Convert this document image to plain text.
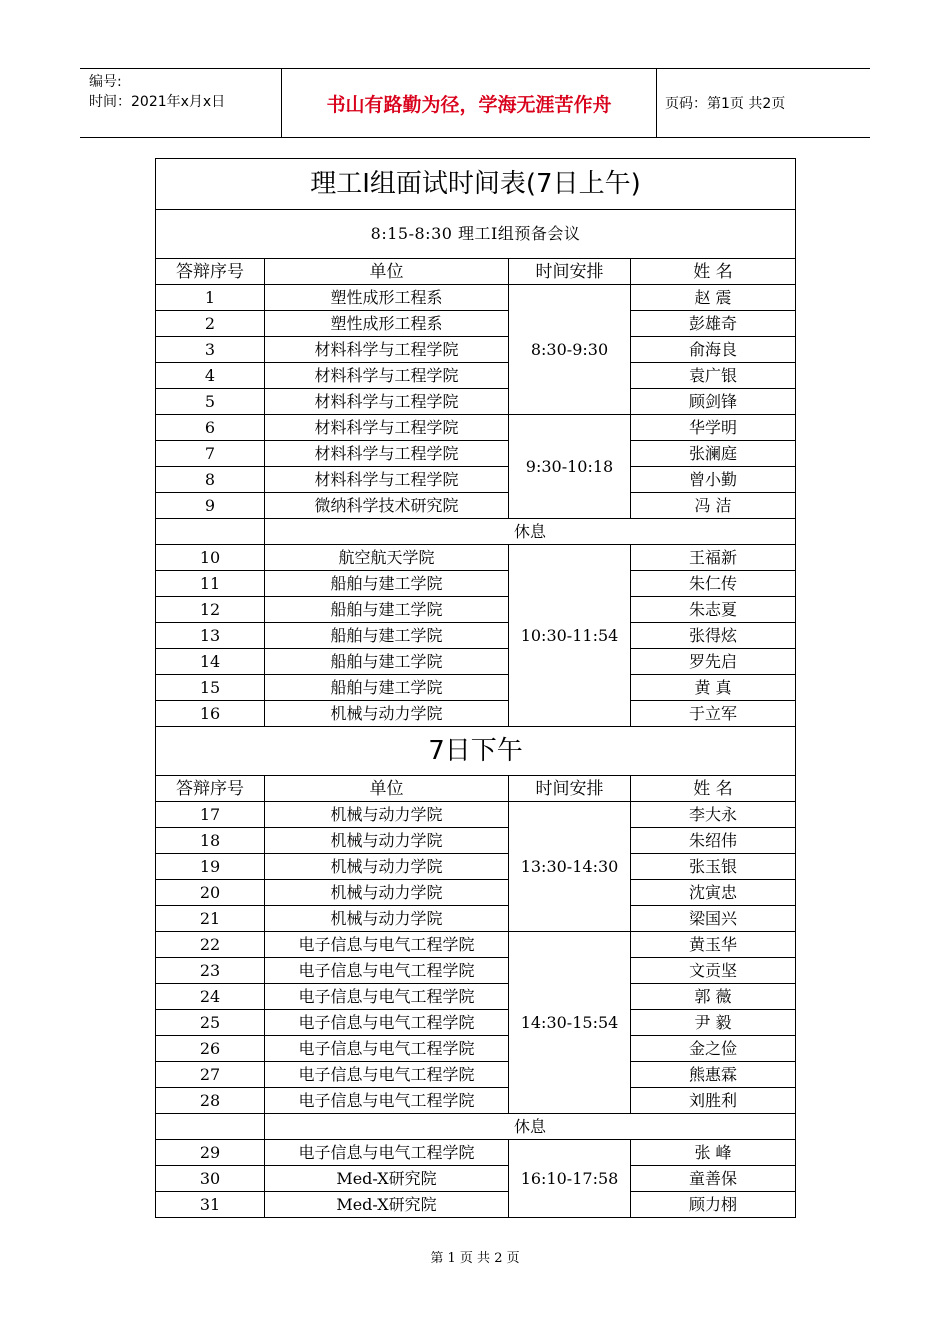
编号:
时间：2021年x月x日	书山有路勤为径，学海无涯苦作舟	页码：第1页 共2页
理工Ⅰ组面试时间表(7日上午)			
8:15-8:30 理工Ⅰ组预备会议			
答辩序号	单位	时间安排	姓 名
1	塑性成形工程系	8:30-9:30	赵 震
2	塑性成形工程系		彭雄奇
3	材料科学与工程学院		俞海良
4	材料科学与工程学院		袁广银
5	材料科学与工程学院		顾剑锋
6	材料科学与工程学院	9:30-10:18	华学明
7	材料科学与工程学院		张澜庭
8	材料科学与工程学院		曾小勤
9	微纳科学技术研究院		冯 洁
	休息		
10	航空航天学院	10:30-11:54	王福新
11	船舶与建工学院		朱仁传
12	船舶与建工学院		朱志夏
13	船舶与建工学院		张得炫
14	船舶与建工学院		罗先启
15	船舶与建工学院		黄 真
16	机械与动力学院		于立军
7日下午			
答辩序号	单位	时间安排	姓 名
17	机械与动力学院	13:30-14:30	李大永
18	机械与动力学院		朱绍伟
19	机械与动力学院		张玉银
20	机械与动力学院		沈寅忠
21	机械与动力学院		梁国兴
22	电子信息与电气工程学院	14:30-15:54	黄玉华
23	电子信息与电气工程学院		文贡坚
24	电子信息与电气工程学院		郭 薇
25	电子信息与电气工程学院		尹 毅
26	电子信息与电气工程学院		金之俭
27	电子信息与电气工程学院		熊惠霖
28	电子信息与电气工程学院		刘胜利
	休息		
29	电子信息与电气工程学院	16:10-17:58	张 峰
30	Med-X研究院		童善保
31	Med-X研究院		顾力栩
第 1 页 共 2 页
